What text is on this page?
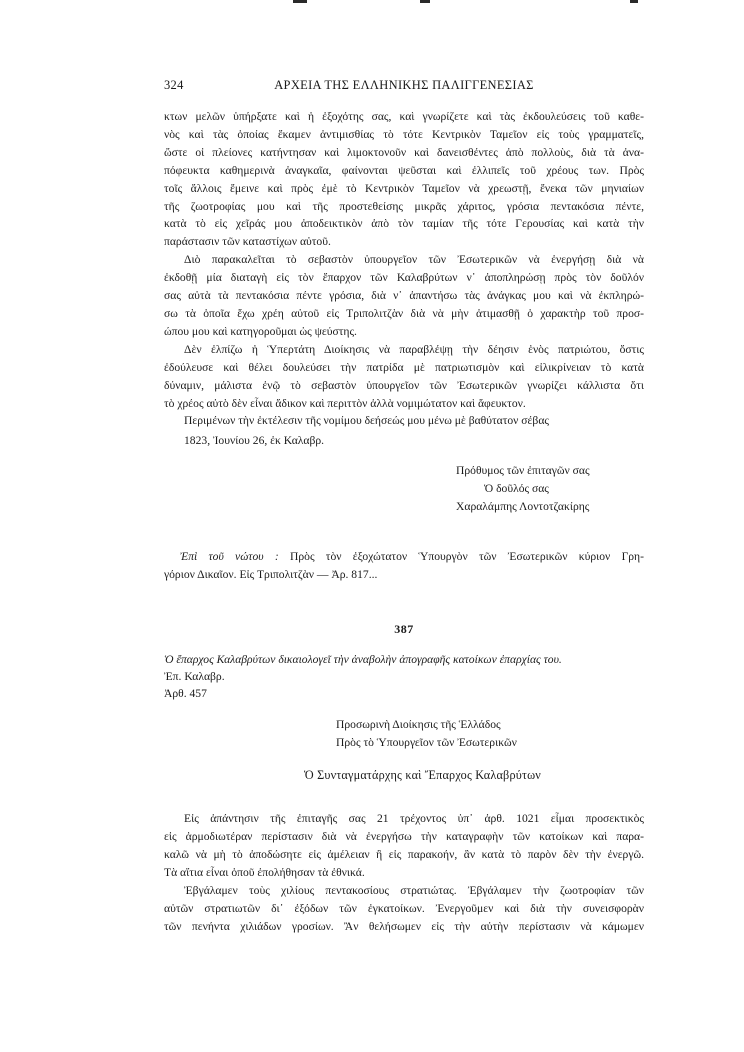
324	ΑΡΧΕΙΑ ΤΗΣ ΕΛΛΗΝΙΚΗΣ ΠΑΛΙΓΓΕΝΕΣΙΑΣ
κτων μελῶν ὑπήρξατε καὶ ἡ ἐξοχότης σας, καὶ γνωρίζετε καὶ τὰς ἐκδουλεύσεις τοῦ καθε-
νὸς καὶ τὰς ὁποίας ἔκαμεν ἀντιμισθίας τὸ τότε Κεντρικὸν Ταμεῖον εἰς τοὺς γραμματεῖς,
ὥστε οἱ πλείονες κατήντησαν καὶ λιμοκτονοῦν καὶ δανεισθέντες ἀπὸ πολλοὺς, διὰ τὰ ἀνα-
πόφευκτα καθημερινὰ ἀναγκαῖα, φαίνονται ψεῦσται καὶ ἐλλιπεῖς τοῦ χρέους των. Πρὸς
τοῖς ἄλλοις ἔμεινε καὶ πρὸς ἐμὲ τὸ Κεντρικὸν Ταμεῖον νὰ χρεωστῇ, ἔνεκα τῶν μηνιαίων
τῆς ζωοτροφίας μου καὶ τῆς προστεθείσης μικρᾶς χάριτος, γρόσια πεντακόσια πέντε,
κατὰ τὸ εἰς χεῖράς μου ἀποδεικτικὸν ἀπὸ τὸν ταμίαν τῆς τότε Γερουσίας καὶ κατὰ τὴν
παράστασιν τῶν καταστίχων αὐτοῦ.
Διὸ παρακαλεῖται τὸ σεβαστὸν ὑπουργεῖον τῶν Ἐσωτερικῶν νὰ ἐνεργήσῃ διὰ νὰ
ἐκδοθῇ μία διαταγὴ εἰς τὸν ἔπαρχον τῶν Καλαβρύτων ν᾽ ἀποπληρώσῃ πρὸς τὸν δοῦλόν
σας αὐτὰ τὰ πεντακόσια πέντε γρόσια, διὰ ν᾽ ἀπαντήσω τὰς ἀνάγκας μου καὶ νὰ ἐκπληρώ-
σω τὰ ὁποῖα ἔχω χρέη αὐτοῦ εἰς Τριπολιτζὰν διὰ νὰ μὴν ἀτιμασθῇ ὁ χαρακτὴρ τοῦ προσ-
ώπου μου καὶ κατηγοροῦμαι ὡς ψεύστης.
Δὲν ἐλπίζω ἡ Ὑπερτάτη Διοίκησις νὰ παραβλέψῃ τὴν δέησιν ἑνὸς πατριώτου, ὅστις
ἐδούλευσε καὶ θέλει δουλεύσει τὴν πατρίδα μὲ πατριωτισμὸν καὶ εἰλικρίνειαν τὸ κατὰ
δύναμιν, μάλιστα ἐνῷ τὸ σεβαστὸν ὑπουργεῖον τῶν Ἐσωτερικῶν γνωρίζει κάλλιστα ὅτι
τὸ χρέος αὐτὸ δὲν εἶναι ἄδικον καὶ περιττὸν ἀλλὰ νομιμώτατον καὶ ἄφευκτον.
Περιμένων τὴν ἐκτέλεσιν τῆς νομίμου δεήσεώς μου μένω μὲ βαθύτατον σέβας
1823, Ἰουνίου 26, ἐκ Καλαβρ.
Πρόθυμος τῶν ἐπιταγῶν σας
Ὁ δοῦλός σας
Χαραλάμπης Λοντοτζακίρης
Ἐπὶ τοῦ νώτου : Πρὸς τὸν ἐξοχώτατον Ὑπουργὸν τῶν Ἐσωτερικῶν κύριον Γρη-
γόριον Δικαῖον. Εἰς Τριπολιτζὰν — Ἀρ. 817...
387
Ὁ ἔπαρχος Καλαβρύτων δικαιολογεῖ τὴν ἀναβολὴν ἀπογραφῆς κατοίκων ἐπαρχίας του.
Ἐπ. Καλαβρ.
Ἀρθ. 457
Προσωρινὴ Διοίκησις τῆς Ἑλλάδος
Πρὸς τὸ Ὑπουργεῖον τῶν Ἐσωτερικῶν
Ὁ Συνταγματάρχης καὶ Ἔπαρχος Καλαβρύτων
Εἰς ἀπάντησιν τῆς ἐπιταγῆς σας 21 τρέχοντος ὑπ᾽ ἀρθ. 1021 εἶμαι προσεκτικὸς
εἰς ἁρμοδιωτέραν περίστασιν διὰ νὰ ἐνεργήσω τὴν καταγραφὴν τῶν κατοίκων καὶ παρα-
καλῶ νὰ μὴ τὸ ἀποδώσητε εἰς ἀμέλειαν ἢ εἰς παρακοήν, ἂν κατὰ τὸ παρὸν δὲν τὴν ἐνεργῶ.
Τὰ αἴτια εἶναι ὁποῦ ἐπολήθησαν τὰ ἐθνικά.
Ἐβγάλαμεν τοὺς χιλίους πεντακοσίους στρατιώτας. Ἐβγάλαμεν τὴν ζωοτροφίαν τῶν
αὐτῶν στρατιωτῶν δι᾽ ἐξόδων τῶν ἐγκατοίκων. Ἐνεργοῦμεν καὶ διὰ τὴν συνεισφορὰν
τῶν πενήντα χιλιάδων γροσίων. Ἂν θελήσωμεν εἰς τὴν αὐτὴν περίστασιν νὰ κάμωμεν
